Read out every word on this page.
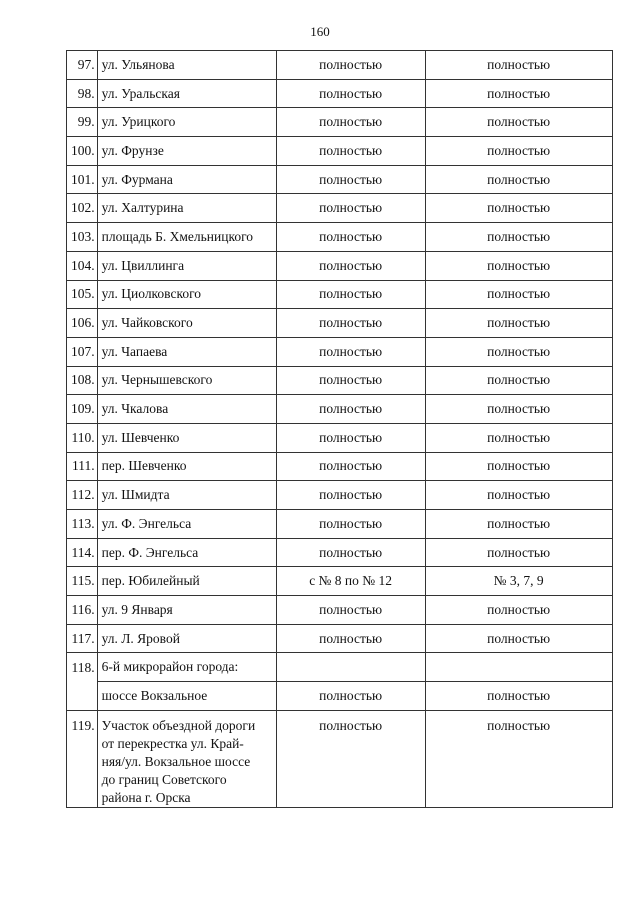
160
97.	ул. Ульянова	полностью	полностью
98.	ул. Уральская	полностью	полностью
99.	ул. Урицкого	полностью	полностью
100.	ул. Фрунзе	полностью	полностью
101.	ул. Фурмана	полностью	полностью
102.	ул. Халтурина	полностью	полностью
103.	площадь Б. Хмельницкого	полностью	полностью
104.	ул. Цвиллинга	полностью	полностью
105.	ул. Циолковского	полностью	полностью
106.	ул. Чайковского	полностью	полностью
107.	ул. Чапаева	полностью	полностью
108.	ул. Чернышевского	полностью	полностью
109.	ул. Чкалова	полностью	полностью
110.	ул. Шевченко	полностью	полностью
111.	пер. Шевченко	полностью	полностью
112.	ул. Шмидта	полностью	полностью
113.	ул. Ф. Энгельса	полностью	полностью
114.	пер. Ф. Энгельса	полностью	полностью
115.	пер. Юбилейный	с № 8 по № 12	№ 3, 7, 9
116.	ул. 9 Января	полностью	полностью
117.	ул. Л. Яровой	полностью	полностью
118.	6-й микрорайон города:		
	шоссе Вокзальное	полностью	полностью
119.	Участок объездной дороги
от перекрестка ул. Край-
няя/ул. Вокзальное шоссе
до границ Советского
района г. Орска	полностью	полностью
